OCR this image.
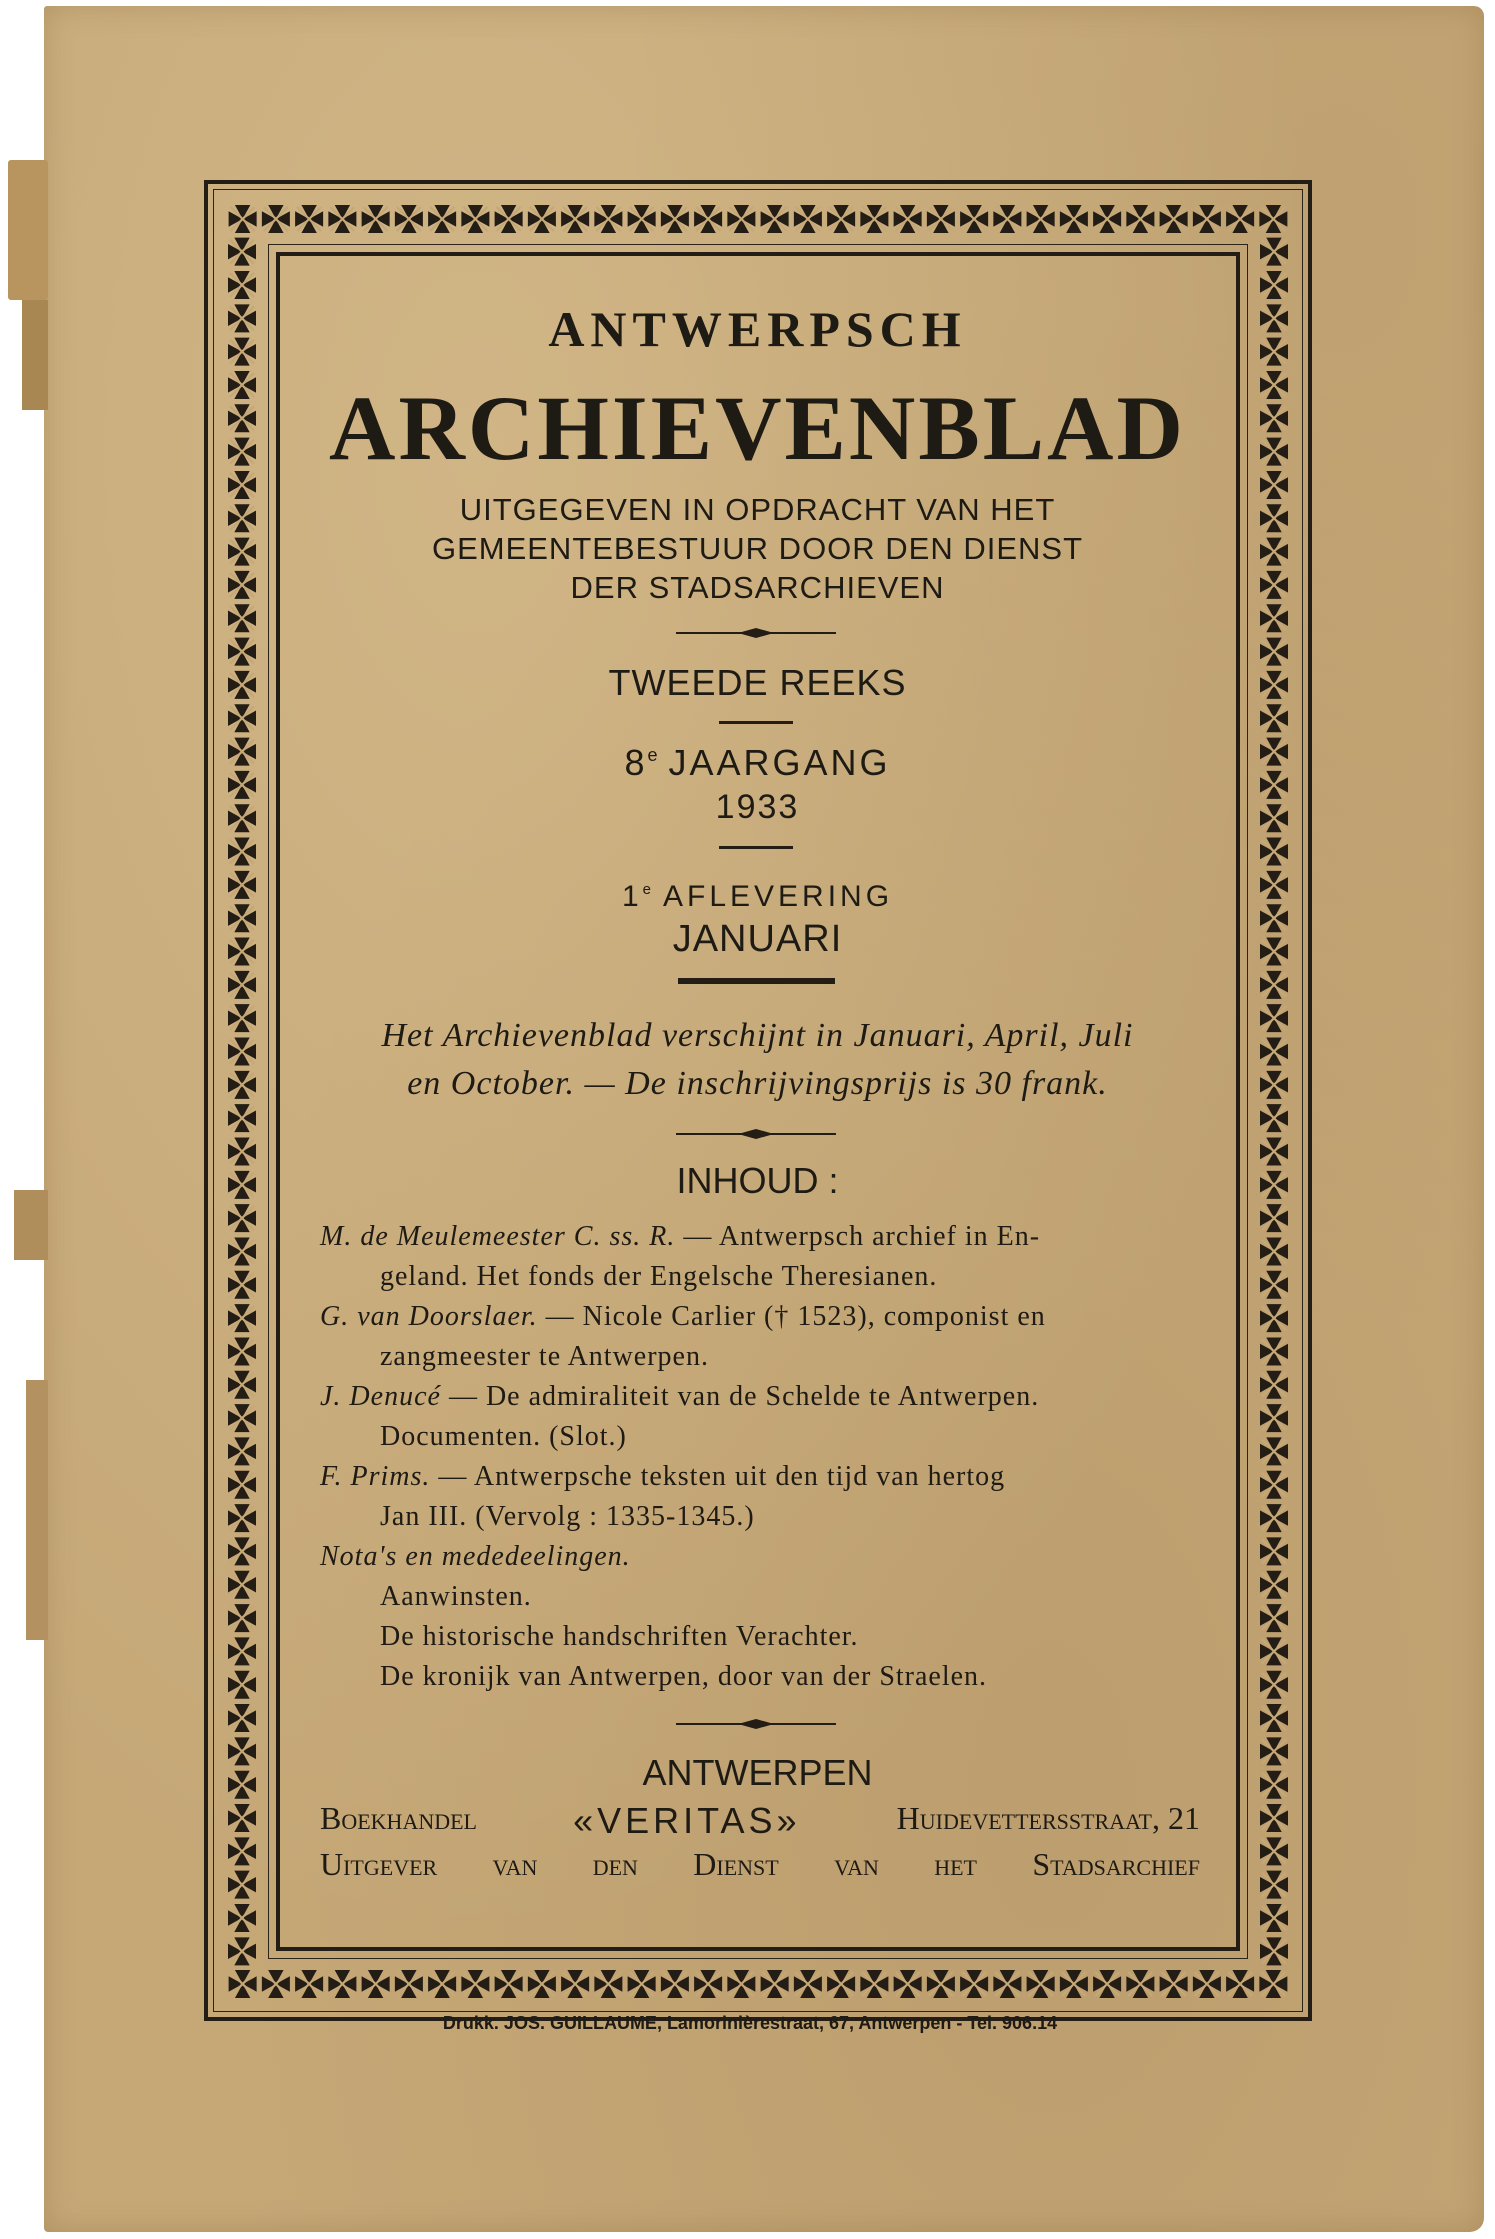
ANTWERPSCH
ARCHIEVENBLAD
UITGEGEVEN IN OPDRACHT VAN HET
GEMEENTEBESTUUR DOOR DEN DIENST
DER STADSARCHIEVEN
TWEEDE REEKS
8e JAARGANG
1933
1e AFLEVERING
JANUARI
Het Archievenblad verschijnt in Januari, April, Juli
en October. — De inschrijvingsprijs is 30 frank.
INHOUD :
M. de Meulemeester C. ss. R. — Antwerpsch archief in En-
geland. Het fonds der Engelsche Theresianen.
G. van Doorslaer. — Nicole Carlier († 1523), componist en
zangmeester te Antwerpen.
J. Denucé — De admiraliteit van de Schelde te Antwerpen.
Documenten. (Slot.)
F. Prims. — Antwerpsche teksten uit den tijd van hertog
Jan III. (Vervolg : 1335-1345.)
Nota's en mededeelingen.
Aanwinsten.
De historische handschriften Verachter.
De kronijk van Antwerpen, door van der Straelen.
ANTWERPEN
Boekhandel	«VERITAS»	Huidevettersstraat, 21
Uitgever van den Dienst van het Stadsarchief
Drukk. JOS. GUILLAUME, Lamorinièrestraat, 67, Antwerpen - Tel. 906.14
